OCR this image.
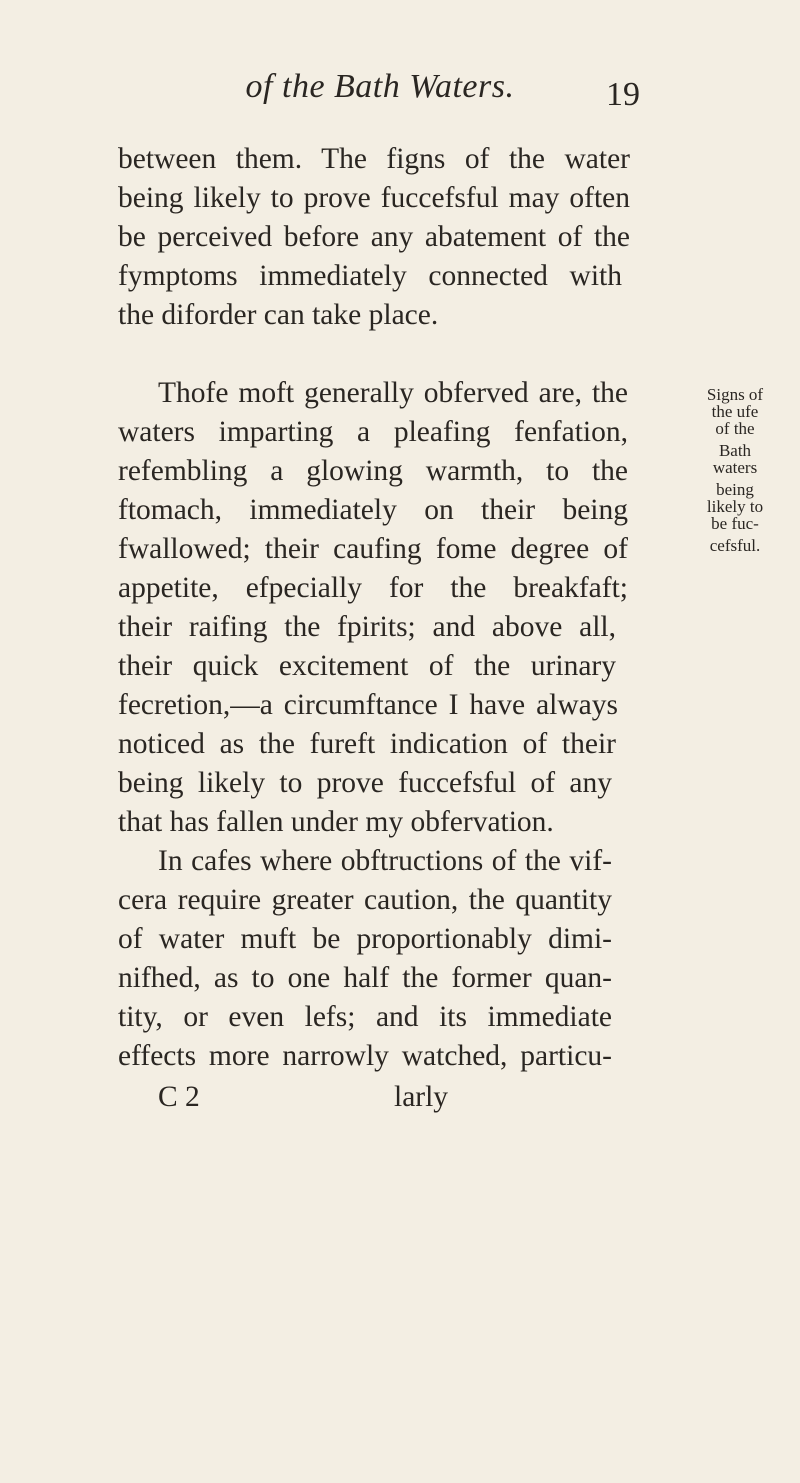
of the Bath Waters.	19
between them. The figns of the water
being likely to prove fuccefsful may often
be perceived before any abatement of the
fymptoms immediately connected with
the diforder can take place.
Thofe moft generally obferved are, the
waters imparting a pleafing fenfation,
refembling a glowing warmth, to the
ftomach, immediately on their being
fwallowed; their caufing fome degree of
appetite, efpecially for the breakfaft;
their raifing the fpirits; and above all,
their quick excitement of the urinary
fecretion,—a circumftance I have always
noticed as the fureft indication of their
being likely to prove fuccefsful of any
that has fallen under my obfervation.
Signs of
the ufe
of the
Bath
waters
being
likely to
be fuc-
cefsful.
C 2	larly
In cafes where obftructions of the vif-
cera require greater caution, the quantity
of water muft be proportionably dimi-
nifhed, as to one half the former quan-
tity, or even lefs; and its immediate
effects more narrowly watched, particu-
